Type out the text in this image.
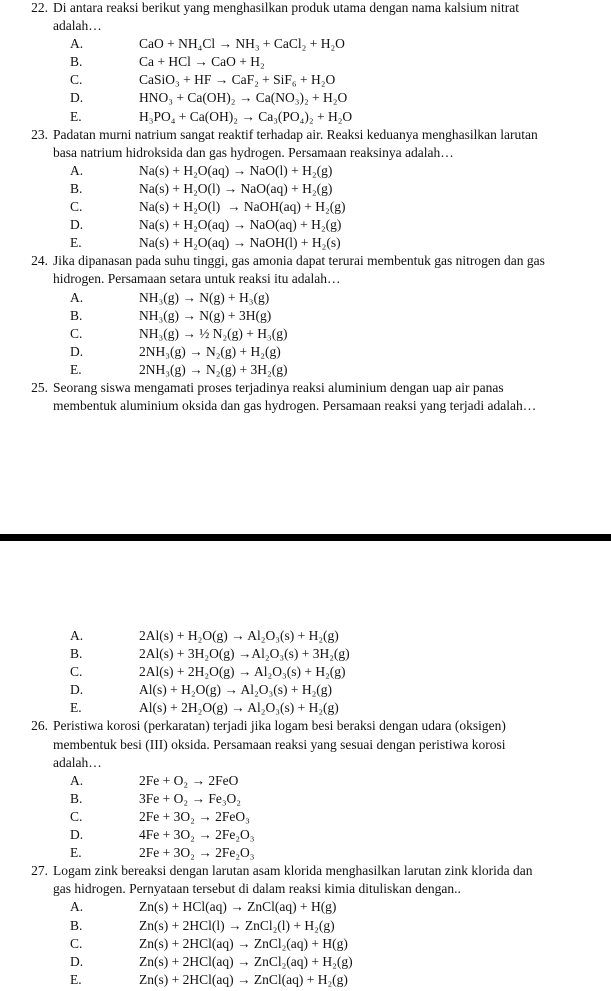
22. Di antara reaksi berikut yang menghasilkan produk utama dengan nama kalsium nitrat adalah…
A.	CaO + NH₄Cl → NH₃ + CaCl₂ + H₂O
B.	Ca + HCl → CaO + H₂
C.	CaSiO₃ + HF → CaF₂ + SiF₆ + H₂O
D.	HNO₃ + Ca(OH)₂ → Ca(NO₃)₂ + H₂O
E.	H₃PO₄ + Ca(OH)₂ → Ca₃(PO₄)₂ + H₂O
23. Padatan murni natrium sangat reaktif terhadap air. Reaksi keduanya menghasilkan larutan basa natrium hidroksida dan gas hydrogen. Persamaan reaksinya adalah…
A.	Na(s) + H₂O(aq) → NaO(l) + H₂(g)
B.	Na(s) + H₂O(l) → NaO(aq) + H₂(g)
C.	Na(s) + H₂O(l)  → NaOH(aq) + H₂(g)
D.	Na(s) + H₂O(aq) → NaO(aq) + H₂(g)
E.	Na(s) + H₂O(aq) → NaOH(l) + H₂(s)
24. Jika dipanasan pada suhu tinggi, gas amonia dapat terurai membentuk gas nitrogen dan gas hidrogen. Persamaan setara untuk reaksi itu adalah…
A.	NH₃(g) → N(g) + H₃(g)
B.	NH₃(g) → N(g) + 3H(g)
C.	NH₃(g) → ½ N₂(g) + H₃(g)
D.	2NH₃(g) → N₂(g) + H₂(g)
E.	2NH₃(g) → N₂(g) + 3H₂(g)
25. Seorang siswa mengamati proses terjadinya reaksi aluminium dengan uap air panas membentuk aluminium oksida dan gas hydrogen. Persamaan reaksi yang terjadi adalah…
A.	2Al(s) + H₂O(g) → Al₂O₃(s) + H₂(g)
B.	2Al(s) + 3H₂O(g) →Al₂O₃(s) + 3H₂(g)
C.	2Al(s) + 2H₂O(g) → Al₂O₃(s) + H₂(g)
D.	Al(s) + H₂O(g) → Al₂O₃(s) + H₂(g)
E.	Al(s) + 2H₂O(g) → Al₂O₃(s) + H₂(g)
26. Peristiwa korosi (perkaratan) terjadi jika logam besi beraksi dengan udara (oksigen) membentuk besi (III) oksida. Persamaan reaksi yang sesuai dengan peristiwa korosi adalah…
A.	2Fe + O₂ → 2FeO
B.	3Fe + O₂ → Fe₃O₂
C.	2Fe + 3O₂ → 2FeO₃
D.	4Fe + 3O₂ → 2Fe₂O₃
E.	2Fe + 3O₂ → 2Fe₂O₃
27. Logam zink bereaksi dengan larutan asam klorida menghasilkan larutan zink klorida dan gas hidrogen. Pernyataan tersebut di dalam reaksi kimia dituliskan dengan..
A.	Zn(s) + HCl(aq) → ZnCl(aq) + H(g)
B.	Zn(s) + 2HCl(l) → ZnCl₂(l) + H₂(g)
C.	Zn(s) + 2HCl(aq) → ZnCl₂(aq) + H(g)
D.	Zn(s) + 2HCl(aq) → ZnCl₂(aq) + H₂(g)
E.	Zn(s) + 2HCl(aq) → ZnCl(aq) + H₂(g)
